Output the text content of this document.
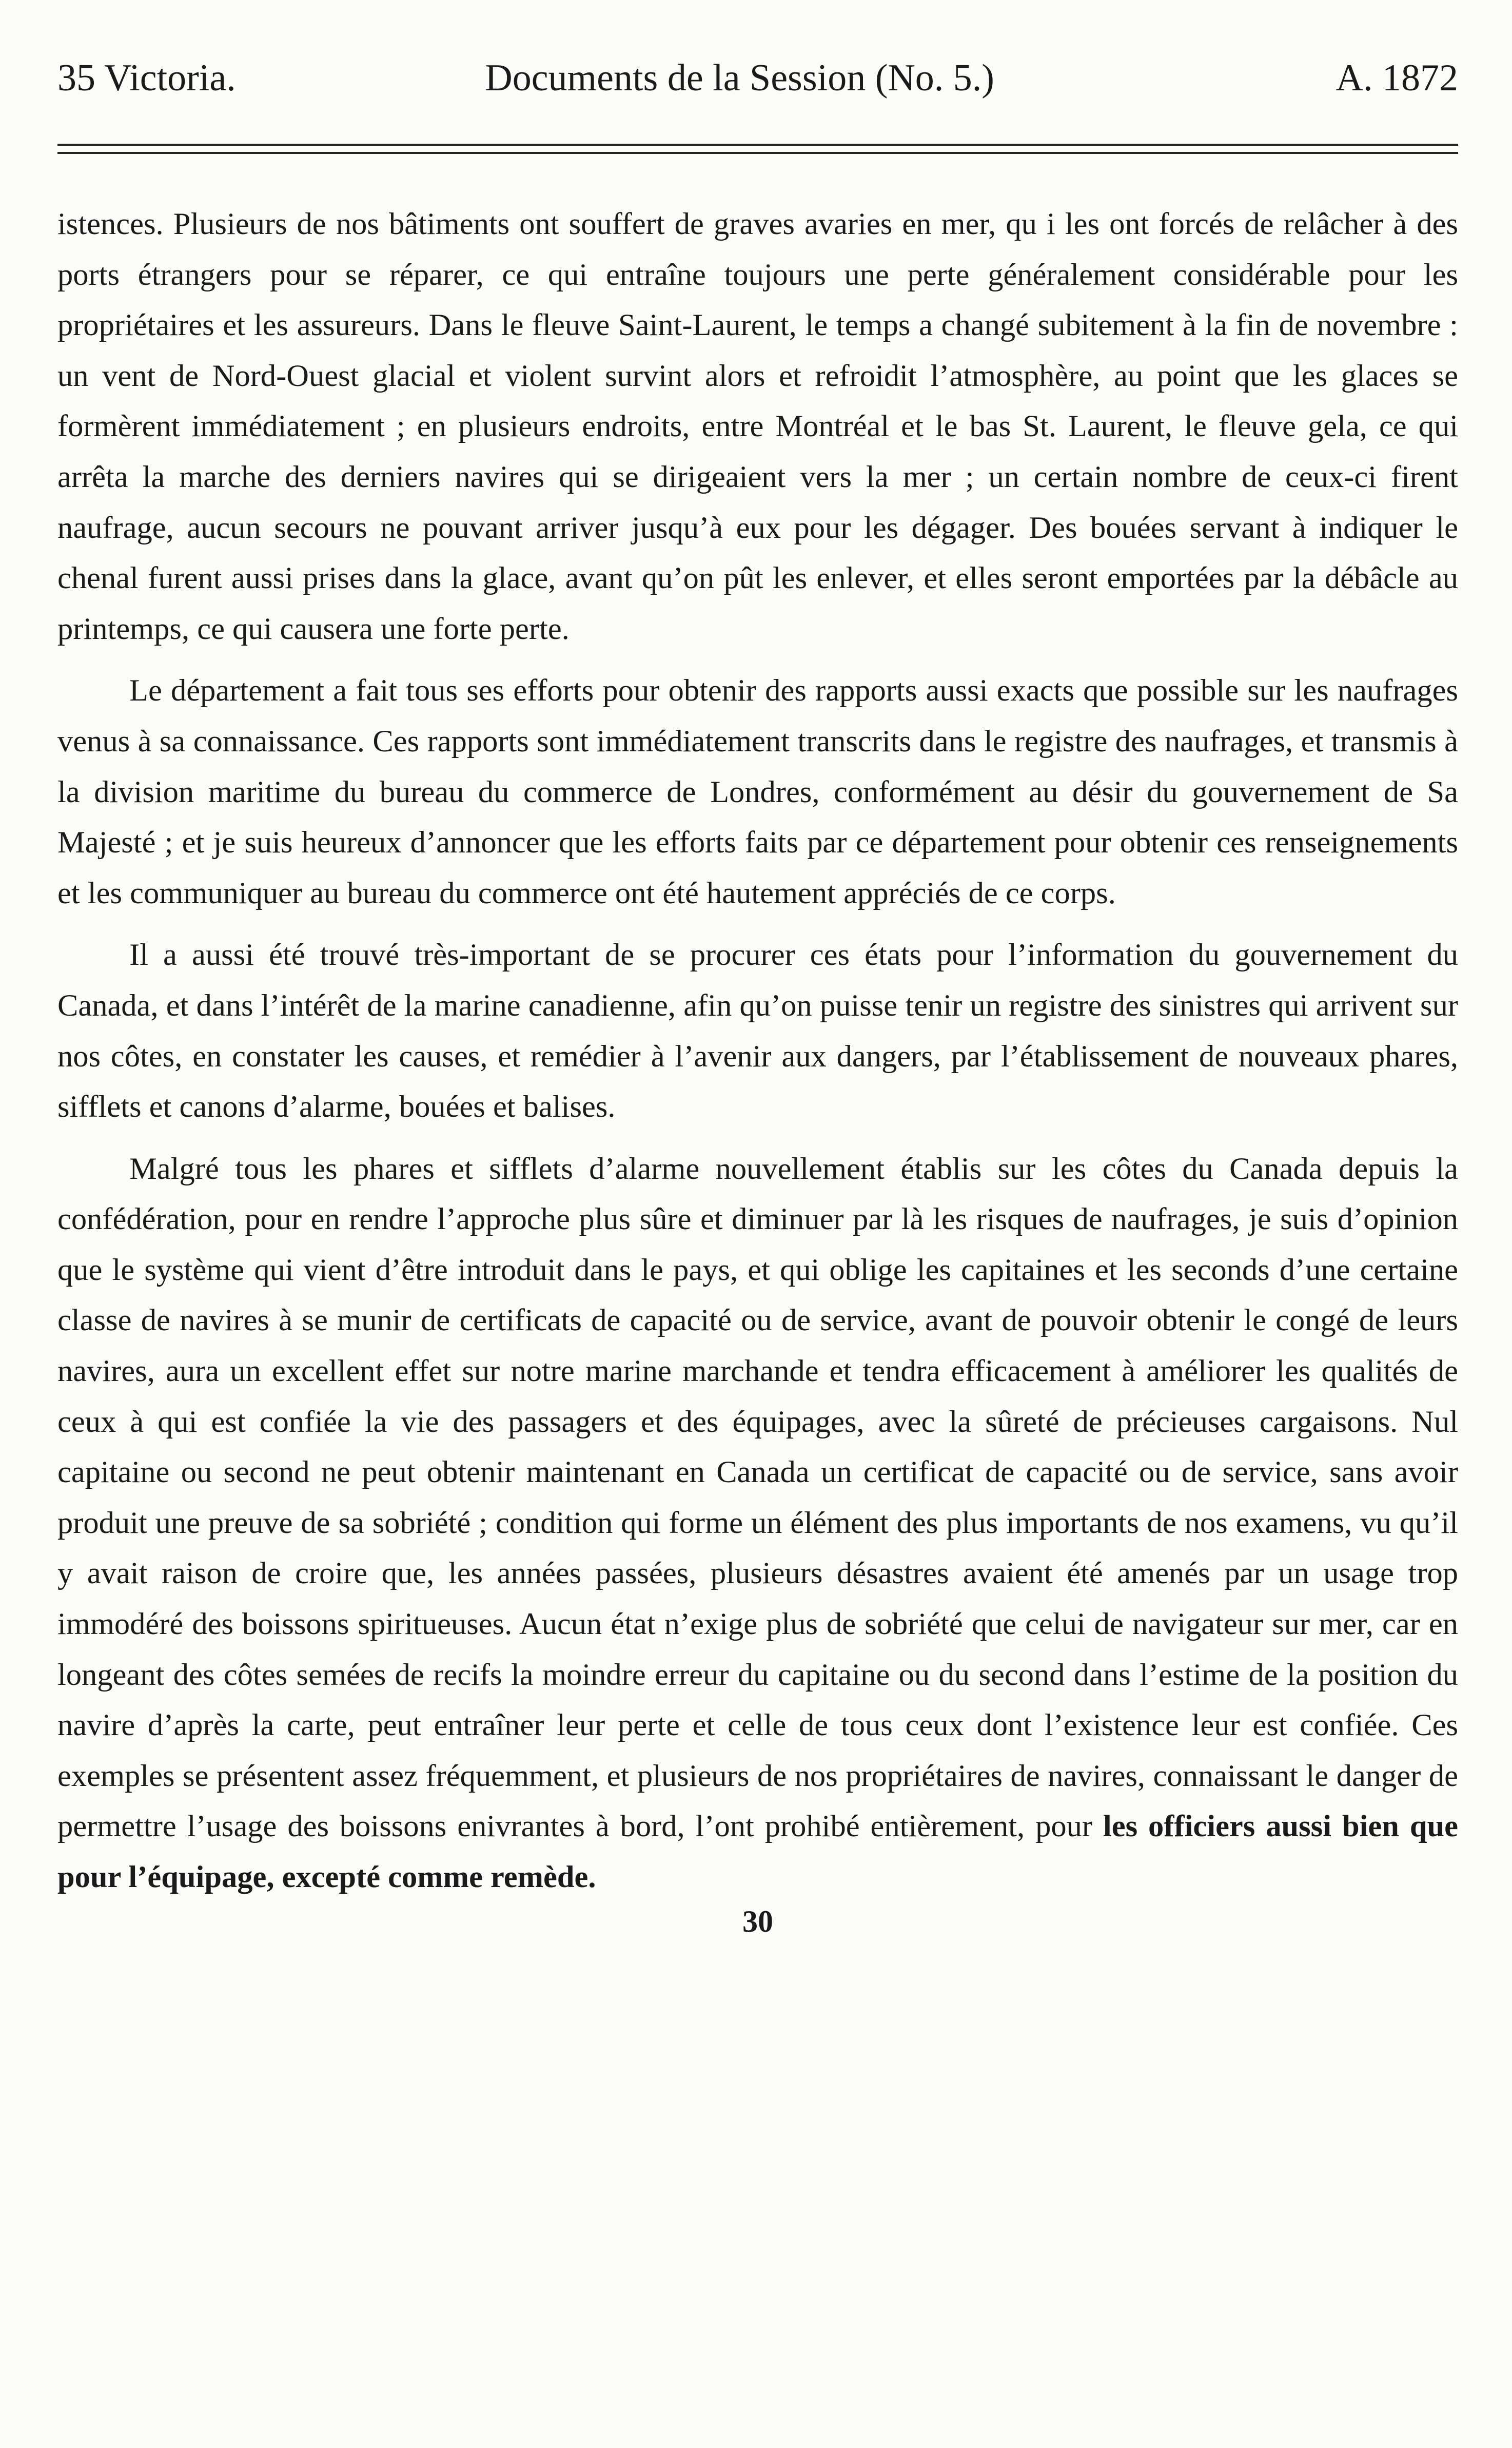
35 Victoria.	Documents de la Session (No. 5.)	A. 1872

istences. Plusieurs de nos bâtiments ont souffert de graves avaries en mer, qu i les ont forcés de relâcher à des ports étrangers pour se réparer, ce qui entraîne toujours une perte généralement considérable pour les propriétaires et les assureurs. Dans le fleuve Saint-Laurent, le temps a changé subitement à la fin de novembre : un vent de Nord-Ouest glacial et violent survint alors et refroidit l’atmosphère, au point que les glaces se formèrent immédiatement ; en plusieurs endroits, entre Montréal et le bas St. Laurent, le fleuve gela, ce qui arrêta la marche des derniers navires qui se dirigeaient vers la mer ; un certain nombre de ceux-ci firent naufrage, aucun secours ne pouvant arriver jusqu’à eux pour les dégager. Des bouées servant à indiquer le chenal furent aussi prises dans la glace, avant qu’on pût les enlever, et elles seront emportées par la débâcle au printemps, ce qui causera une forte perte.

Le département a fait tous ses efforts pour obtenir des rapports aussi exacts que possible sur les naufrages venus à sa connaissance. Ces rapports sont immédiatement transcrits dans le registre des naufrages, et transmis à la division maritime du bureau du commerce de Londres, conformément au désir du gouvernement de Sa Majesté ; et je suis heureux d’annoncer que les efforts faits par ce département pour obtenir ces renseignements et les communiquer au bureau du commerce ont été hautement appréciés de ce corps.

Il a aussi été trouvé très-important de se procurer ces états pour l’information du gouvernement du Canada, et dans l’intérêt de la marine canadienne, afin qu’on puisse tenir un registre des sinistres qui arrivent sur nos côtes, en constater les causes, et remédier à l’avenir aux dangers, par l’établissement de nouveaux phares, sifflets et canons d’alarme, bouées et balises.

Malgré tous les phares et sifflets d’alarme nouvellement établis sur les côtes du Canada depuis la confédération, pour en rendre l’approche plus sûre et diminuer par là les risques de naufrages, je suis d’opinion que le système qui vient d’être introduit dans le pays, et qui oblige les capitaines et les seconds d’une certaine classe de navires à se munir de certificats de capacité ou de service, avant de pouvoir obtenir le congé de leurs navires, aura un excellent effet sur notre marine marchande et tendra efficacement à améliorer les qualités de ceux à qui est confiée la vie des passagers et des équipages, avec la sûreté de précieuses cargaisons. Nul capitaine ou second ne peut obtenir maintenant en Canada un certificat de capacité ou de service, sans avoir produit une preuve de sa sobriété ; condition qui forme un élément des plus importants de nos examens, vu qu’il y avait raison de croire que, les années passées, plusieurs désastres avaient été amenés par un usage trop immodéré des boissons spiritueuses. Aucun état n’exige plus de sobriété que celui de navigateur sur mer, car en longeant des côtes semées de recifs la moindre erreur du capitaine ou du second dans l’estime de la position du navire d’après la carte, peut entraîner leur perte et celle de tous ceux dont l’existence leur est confiée. Ces exemples se présentent assez fréquemment, et plusieurs de nos propriétaires de navires, connaissant le danger de permettre l’usage des boissons enivrantes à bord, l’ont prohibé entièrement, pour les officiers aussi bien que pour l’équipage, excepté comme remède.

30
